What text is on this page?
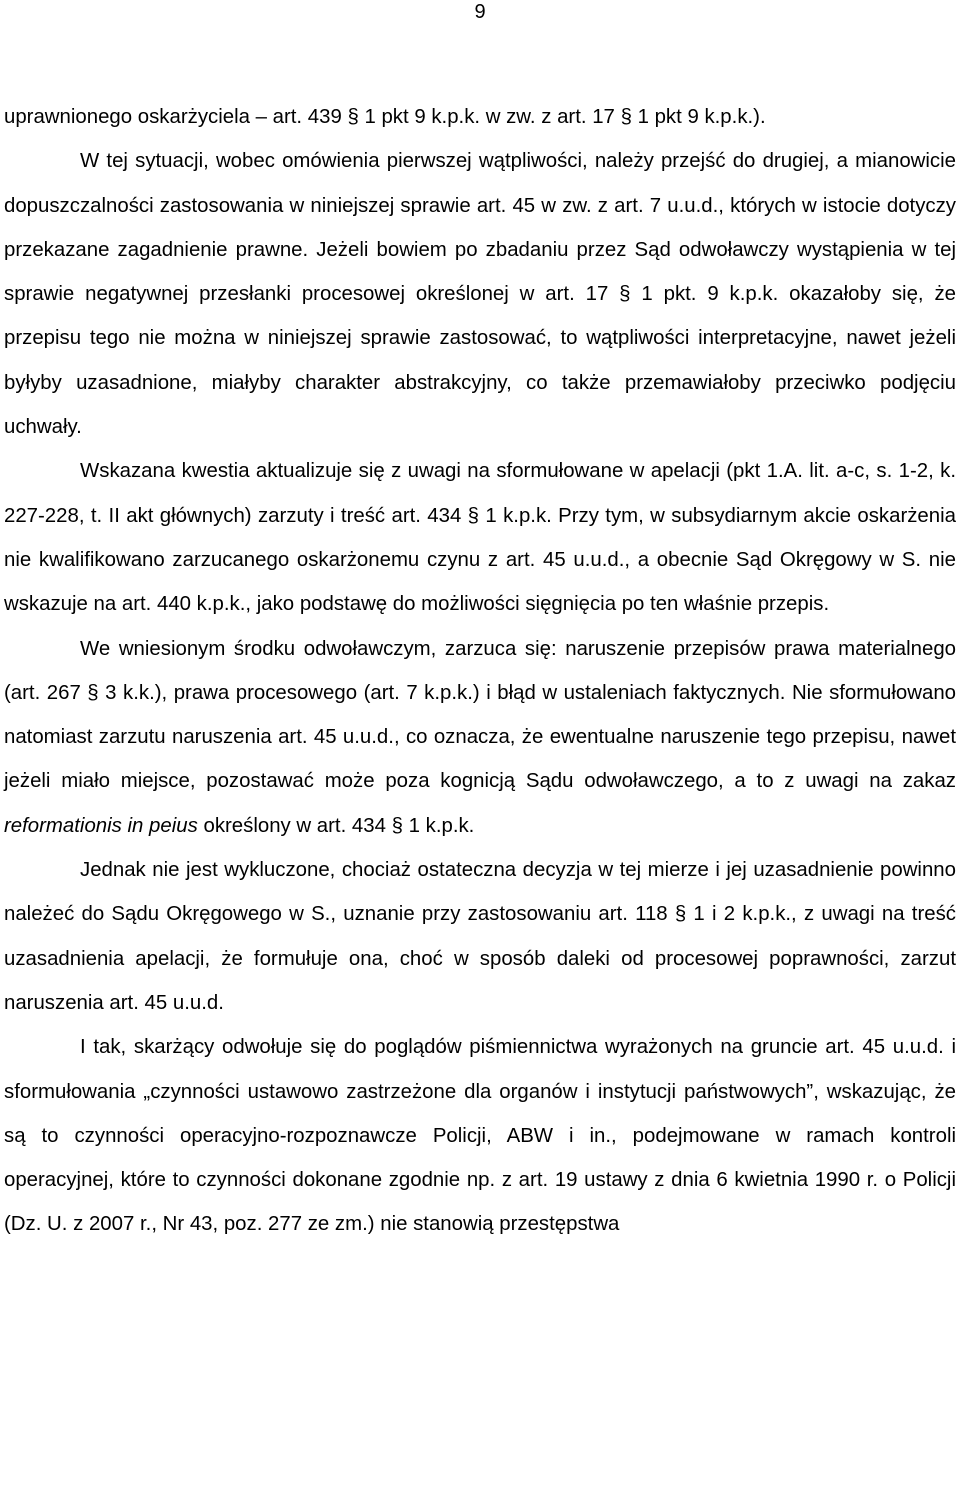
9

uprawnionego oskarżyciela – art. 439 § 1 pkt 9 k.p.k. w zw. z art. 17 § 1 pkt 9 k.p.k.).

W tej sytuacji, wobec omówienia pierwszej wątpliwości, należy przejść do drugiej, a mianowicie dopuszczalności zastosowania w niniejszej sprawie art. 45 w zw. z art. 7 u.u.d., których w istocie dotyczy przekazane zagadnienie prawne. Jeżeli bowiem po zbadaniu przez Sąd odwoławczy wystąpienia w tej sprawie negatywnej przesłanki procesowej określonej w art. 17 § 1 pkt. 9 k.p.k. okazałoby się, że przepisu tego nie można w niniejszej sprawie zastosować, to wątpliwości interpretacyjne, nawet jeżeli byłyby uzasadnione, miałyby charakter abstrakcyjny, co także przemawiałoby przeciwko podjęciu uchwały.

Wskazana kwestia aktualizuje się z uwagi na sformułowane w apelacji (pkt 1.A. lit. a-c, s. 1-2, k. 227-228, t. II akt głównych) zarzuty i treść art. 434 § 1 k.p.k. Przy tym, w subsydiarnym akcie oskarżenia nie kwalifikowano zarzucanego oskarżonemu czynu z art. 45 u.u.d., a obecnie Sąd Okręgowy w S. nie wskazuje na art. 440 k.p.k., jako podstawę do możliwości sięgnięcia po ten właśnie przepis.

We wniesionym środku odwoławczym, zarzuca się: naruszenie przepisów prawa materialnego (art. 267 § 3 k.k.), prawa procesowego (art. 7 k.p.k.) i błąd w ustaleniach faktycznych. Nie sformułowano natomiast zarzutu naruszenia art. 45 u.u.d., co oznacza, że ewentualne naruszenie tego przepisu, nawet jeżeli miało miejsce, pozostawać może poza kognicją Sądu odwoławczego, a to z uwagi na zakaz reformationis in peius określony w art. 434 § 1 k.p.k.

Jednak nie jest wykluczone, chociaż ostateczna decyzja w tej mierze i jej uzasadnienie powinno należeć do Sądu Okręgowego w S., uznanie przy zastosowaniu art. 118 § 1 i 2 k.p.k., z uwagi na treść uzasadnienia apelacji, że formułuje ona, choć w sposób daleki od procesowej poprawności, zarzut naruszenia art. 45 u.u.d.

I tak, skarżący odwołuje się do poglądów piśmiennictwa wyrażonych na gruncie art. 45 u.u.d. i sformułowania „czynności ustawowo zastrzeżone dla organów i instytucji państwowych”, wskazując, że są to czynności operacyjno-rozpoznawcze Policji, ABW i in., podejmowane w ramach kontroli operacyjnej, które to czynności dokonane zgodnie np. z art. 19 ustawy z dnia 6 kwietnia 1990 r. o Policji (Dz. U. z 2007 r., Nr 43, poz. 277 ze zm.) nie stanowią przestępstwa
